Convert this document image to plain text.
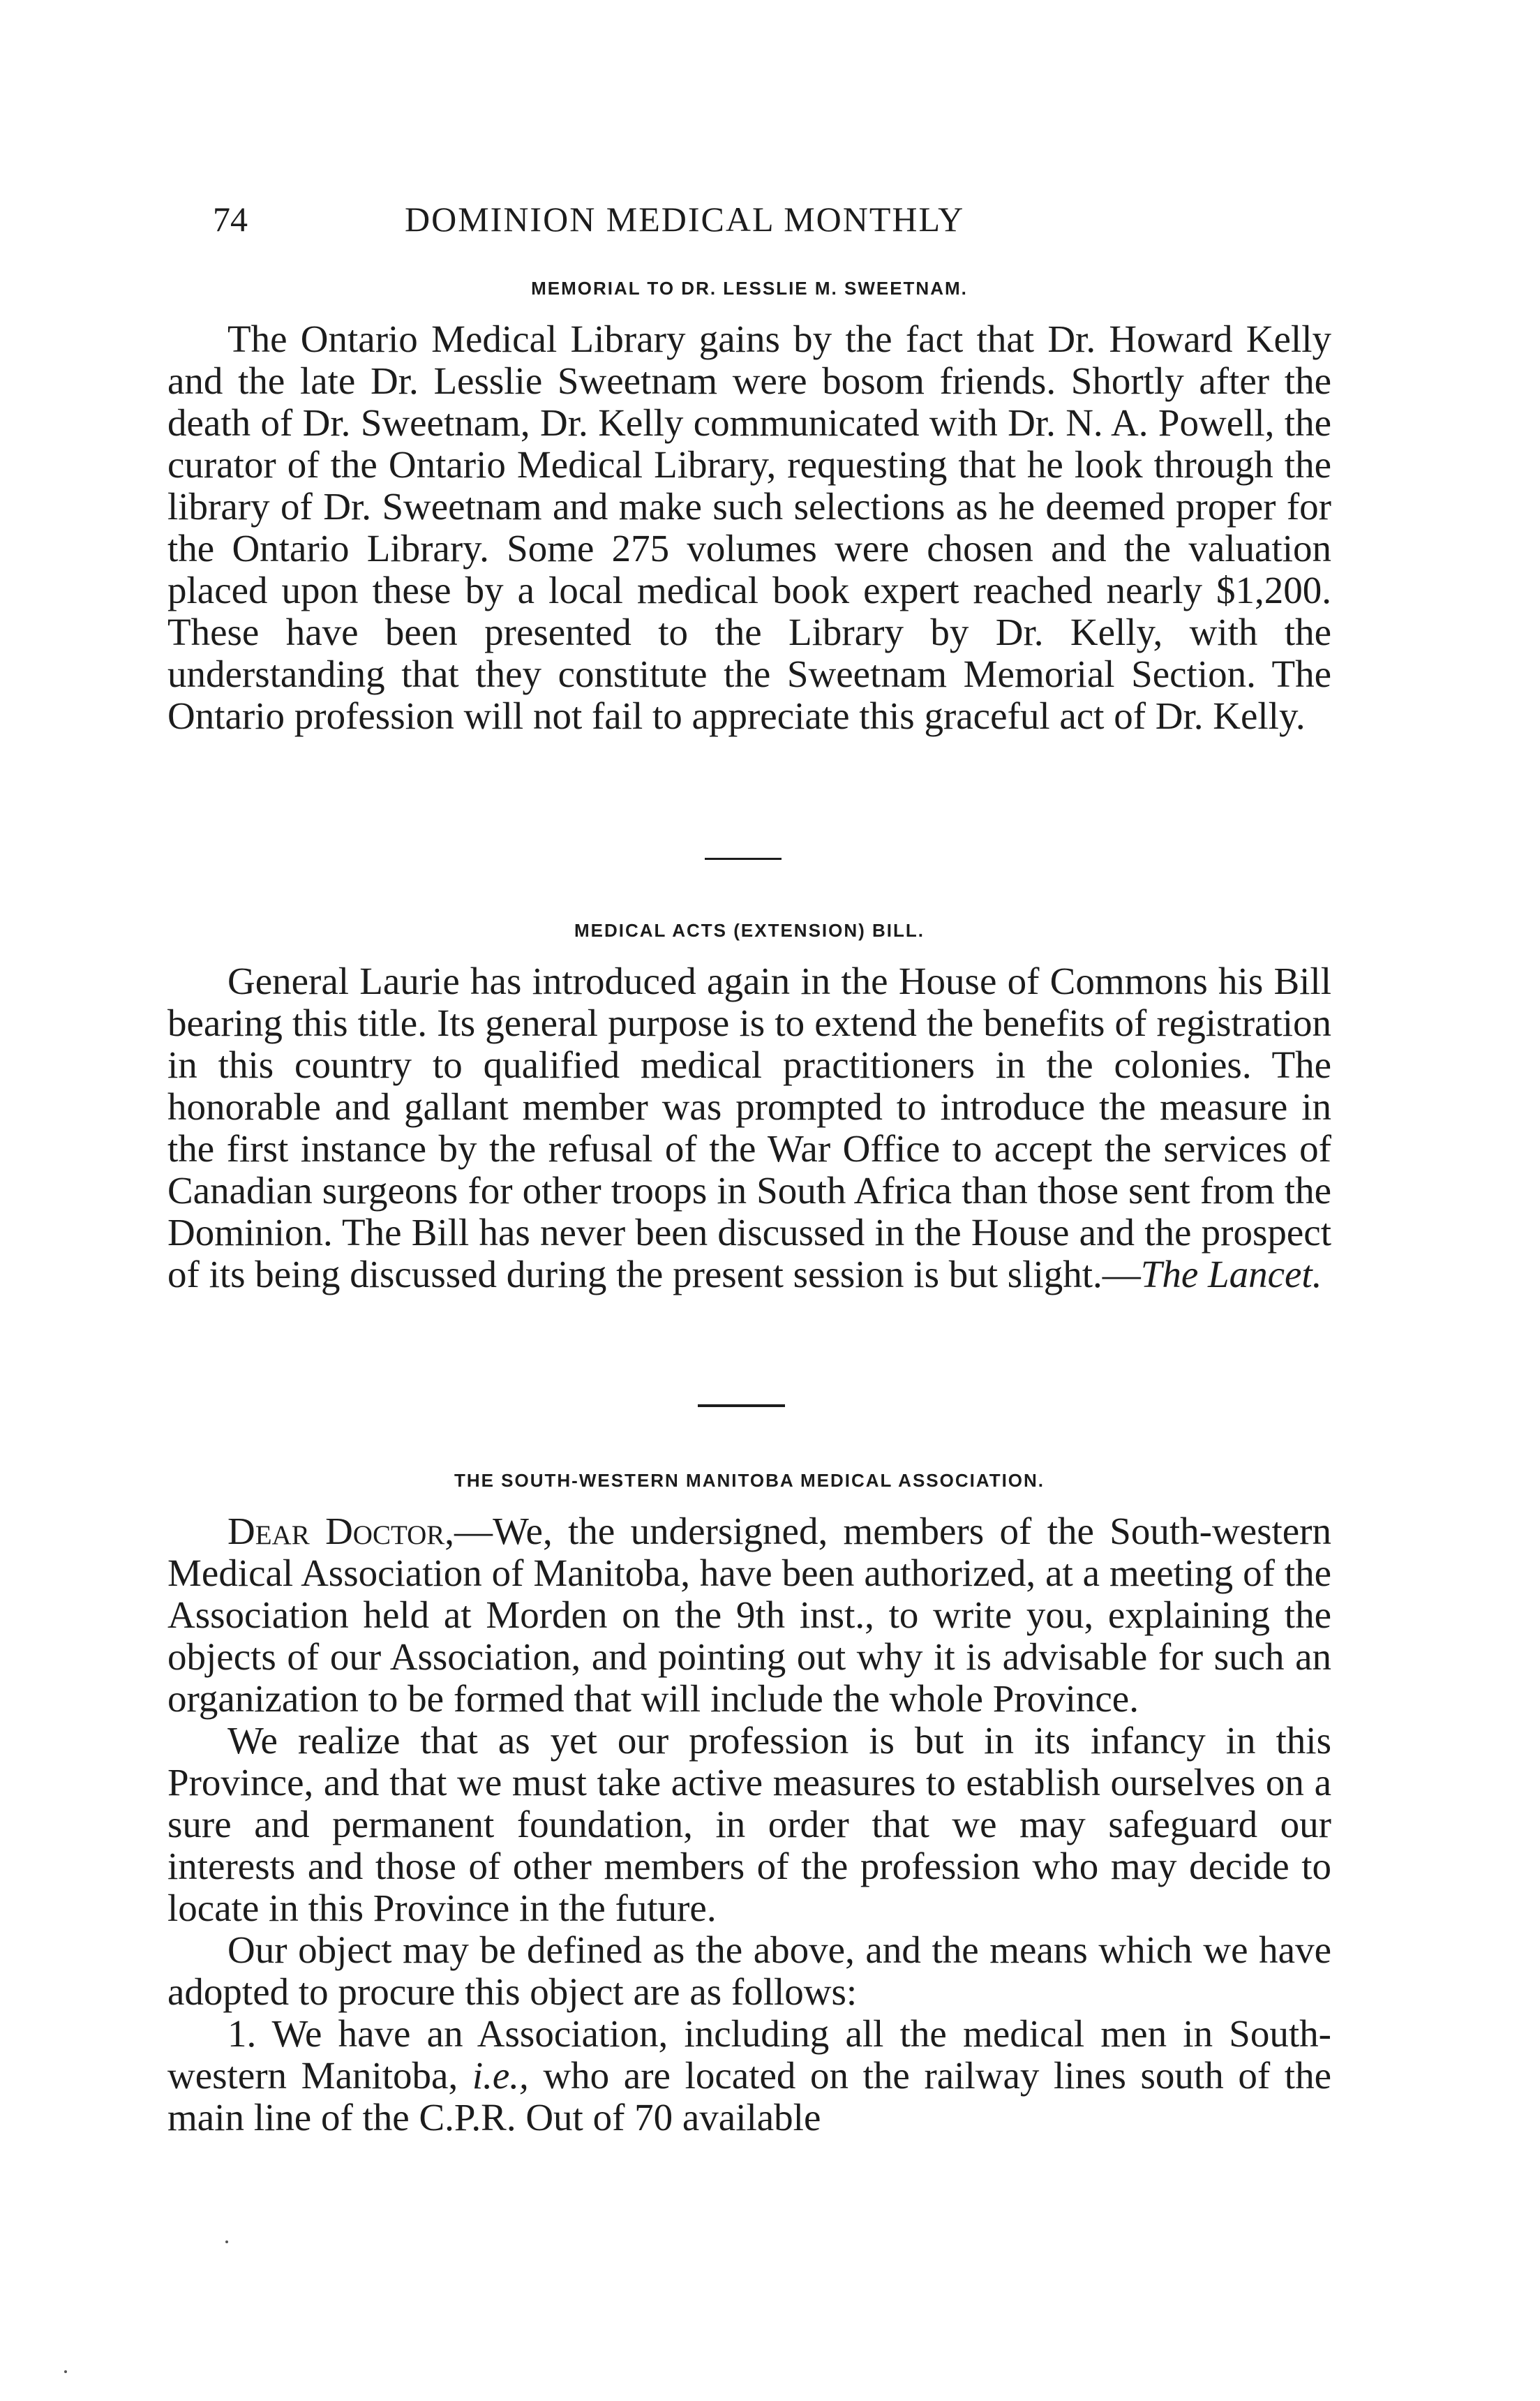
74	DOMINION MEDICAL MONTHLY
MEMORIAL TO DR. LESSLIE M. SWEETNAM.

The Ontario Medical Library gains by the fact that Dr. Howard Kelly and the late Dr. Lesslie Sweetnam were bosom friends. Shortly after the death of Dr. Sweetnam, Dr. Kelly communicated with Dr. N. A. Powell, the curator of the Ontario Medical Library, requesting that he look through the library of Dr. Sweetnam and make such selections as he deemed proper for the Ontario Library. Some 275 volumes were chosen and the valuation placed upon these by a local medical book expert reached nearly $1,200. These have been presented to the Library by Dr. Kelly, with the understanding that they constitute the Sweetnam Memorial Section. The Ontario profession will not fail to appreciate this graceful act of Dr. Kelly.

MEDICAL ACTS (EXTENSION) BILL.

General Laurie has introduced again in the House of Commons his Bill bearing this title. Its general purpose is to extend the benefits of registration in this country to qualified medical practitioners in the colonies. The honorable and gallant member was prompted to introduce the measure in the first instance by the refusal of the War Office to accept the services of Canadian surgeons for other troops in South Africa than those sent from the Dominion. The Bill has never been discussed in the House and the prospect of its being discussed during the present session is but slight.—The Lancet.

THE SOUTH-WESTERN MANITOBA MEDICAL ASSOCIATION.

Dear Doctor,—We, the undersigned, members of the South-western Medical Association of Manitoba, have been authorized, at a meeting of the Association held at Morden on the 9th inst., to write you, explaining the objects of our Association, and pointing out why it is advisable for such an organization to be formed that will include the whole Province.

We realize that as yet our profession is but in its infancy in this Province, and that we must take active measures to establish ourselves on a sure and permanent foundation, in order that we may safeguard our interests and those of other members of the profession who may decide to locate in this Province in the future.

Our object may be defined as the above, and the means which we have adopted to procure this object are as follows:

1. We have an Association, including all the medical men in South-western Manitoba, i.e., who are located on the railway lines south of the main line of the C.P.R. Out of 70 available
